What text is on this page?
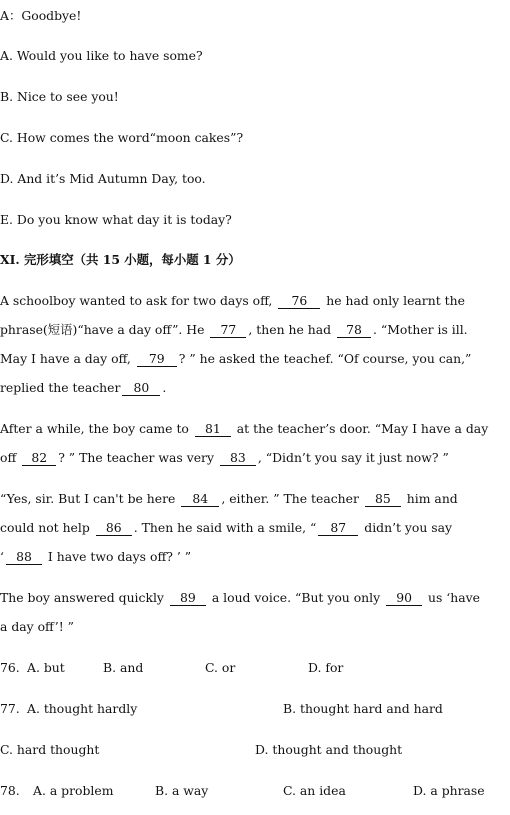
A：Goodbye!
A. Would you like to have some?
B. Nice to see you!
C. How comes the word“moon cakes”?
D. And it’s Mid Autumn Day, too.
E. Do you know what day it is today?
XI. 完形填空（共 15 小题，每小题 1 分）
A schoolboy wanted to ask for two days off, 76 he had only learnt the
phrase(短语)“have a day off”. He 77 , then he had 78 . “Mother is ill.
May I have a day off, 79 ? ” he asked the teachef. “Of course, you can,”
replied the teacher 80 .
After a while, the boy came to 81 at the teacher’s door. “May I have a day
off 82 ? ” The teacher was very 83 , “Didn’t you say it just now? ”
“Yes, sir. But I can't be here 84 , either. ” The teacher 85 him and
could not help 86 . Then he said with a smile, “ 87 didn’t you say
‘ 88 I have two days off? ’ ”
The boy answered quickly 89 a loud voice. “But you only 90 us ‘have
a day off’! ”
76. A. but	B. and	C. or	D. for
77. A. thought hardly	B. thought hard and hard
C. hard thought	D. thought and thought
78. A. a problem	B. a way	C. an idea	D. a phrase
